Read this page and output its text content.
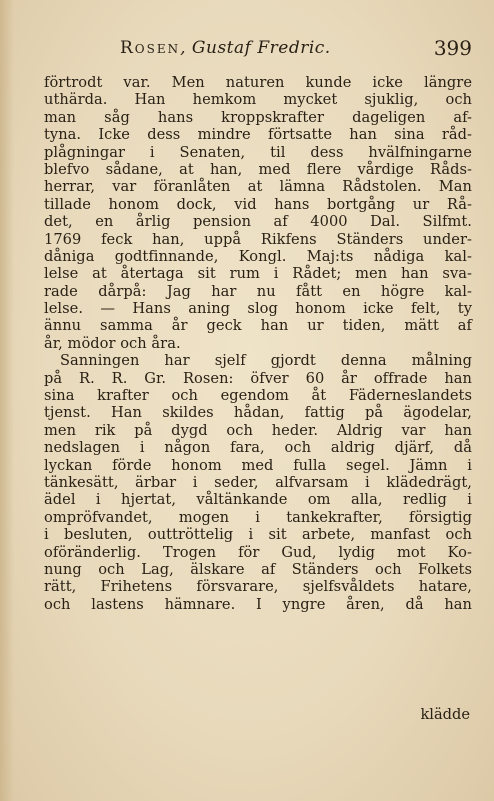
Rosen, Gustaf Fredric.	399
förtrodt var. Men naturen kunde icke längre
uthärda. Han hemkom mycket sjuklig, och
man såg hans kroppskrafter dageligen af-
tyna. Icke dess mindre förtsatte han sina råd-
plågningar i Senaten, til dess hvälfningarne
blefvo sådane, at han, med flere vårdige Råds-
herrar, var föranlåten at lämna Rådstolen. Man
tillade honom dock, vid hans bortgång ur Rå-
det, en årlig pension af 4000 Dal. Silfmt.
1769 feck han, uppå Rikfens Ständers under-
dåniga godtfinnande, Kongl. Maj:ts nådiga kal-
lelse at återtaga sit rum i Rådet; men han sva-
rade dårpå: Jag har nu fått en högre kal-
lelse. — Hans aning slog honom icke felt, ty
ännu samma år geck han ur tiden, mätt af
år, mödor och åra.
Sanningen har sjelf gjordt denna målning
på R. R. Gr. Rosen: öfver 60 år offrade han
sina krafter och egendom åt Fäderneslandets
tjenst. Han skildes hådan, fattig på ägodelar,
men rik på dygd och heder. Aldrig var han
nedslagen i någon fara, och aldrig djärf, då
lyckan förde honom med fulla segel. Jämn i
tänkesätt, ärbar i seder, alfvarsam i klädedrägt,
ädel i hjertat, våltänkande om alla, redlig i
ompröfvandet, mogen i tankekrafter, försigtig
i besluten, outtröttelig i sit arbete, manfast och
oföränderlig. Trogen för Gud, lydig mot Ko-
nung och Lag, älskare af Ständers och Folkets
rätt, Frihetens försvarare, sjelfsvåldets hatare,
och lastens hämnare. I yngre åren, då han
klädde
